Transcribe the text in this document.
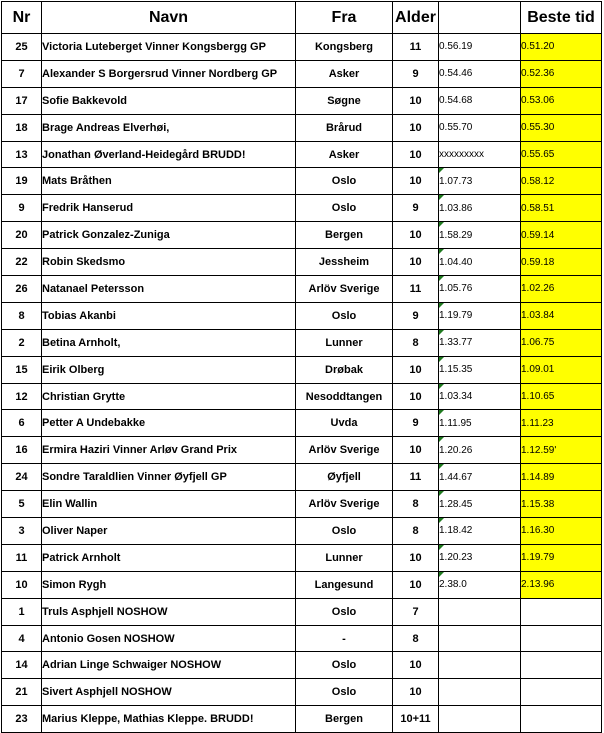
Nr	Navn	Fra	Alder		Beste tid
25	Victoria Luteberget Vinner Kongsbergg GP	Kongsberg	11	0.56.19	0.51.20
7	Alexander S Borgersrud Vinner Nordberg GP	Asker	9	0.54.46	0.52.36
17	Sofie Bakkevold	Søgne	10	0.54.68	0.53.06
18	Brage Andreas Elverhøi,	Brårud	10	0.55.70	0.55.30
13	Jonathan Øverland-Heidegård BRUDD!	Asker	10	xxxxxxxxx	0.55.65
19	Mats Bråthen	Oslo	10	1.07.73	0.58.12
9	Fredrik Hanserud	Oslo	9	1.03.86	0.58.51
20	Patrick Gonzalez-Zuniga	Bergen	10	1.58.29	0.59.14
22	Robin Skedsmo	Jessheim	10	1.04.40	0.59.18
26	Natanael Petersson	Arlöv Sverige	11	1.05.76	1.02.26
8	Tobias Akanbi	Oslo	9	1.19.79	1.03.84
2	Betina Arnholt,	Lunner	8	1.33.77	1.06.75
15	Eirik Olberg	Drøbak	10	1.15.35	1.09.01
12	Christian Grytte	Nesoddtangen	10	1.03.34	1.10.65
6	Petter A Undebakke	Uvda	9	1.11.95	1.11.23
16	Ermira Haziri Vinner Arløv Grand Prix	Arlöv Sverige	10	1.20.26	1.12.59'
24	Sondre Taraldlien Vinner Øyfjell GP	Øyfjell	11	1.44.67	1.14.89
5	Elin Wallin	Arlöv Sverige	8	1.28.45	1.15.38
3	Oliver Naper	Oslo	8	1.18.42	1.16.30
11	Patrick Arnholt	Lunner	10	1.20.23	1.19.79
10	Simon Rygh	Langesund	10	2.38.0	2.13.96
1	Truls Asphjell NOSHOW	Oslo	7		
4	Antonio Gosen NOSHOW	-	8		
14	Adrian Linge Schwaiger NOSHOW	Oslo	10		
21	Sivert Asphjell NOSHOW	Oslo	10		
23	Marius Kleppe, Mathias Kleppe. BRUDD!	Bergen	10+11		
